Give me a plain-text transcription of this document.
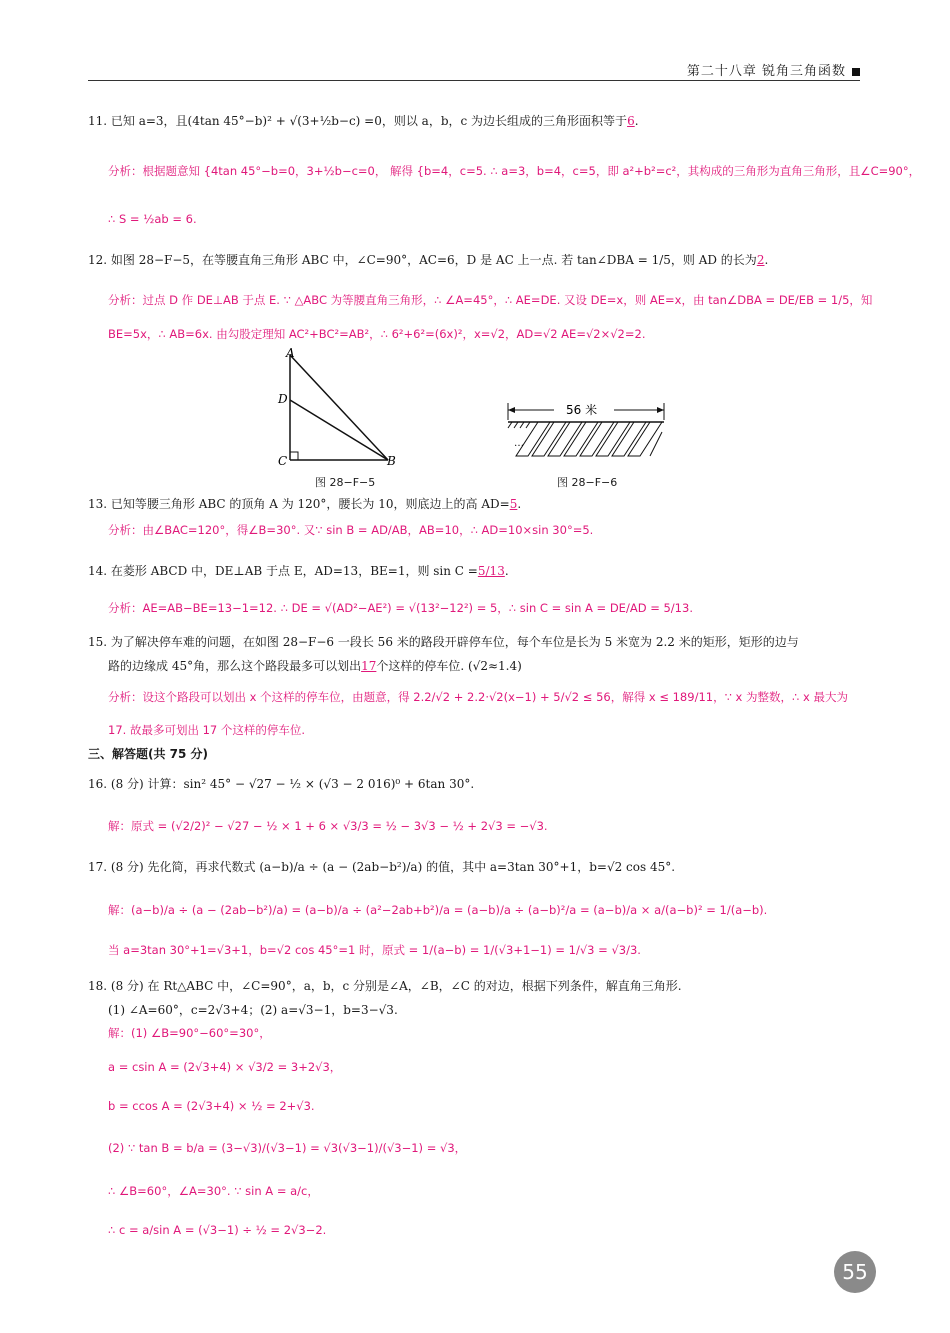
第二十八章 锐角三角函数
11. 已知 a=3，且(4tan 45°−b)² + √(3+½b−c) =0，则以 a，b，c 为边长组成的三角形面积等于6.
分析：根据题意知 {4tan 45°−b=0，3+½b−c=0， 解得 {b=4，c=5. ∴ a=3，b=4，c=5，即 a²+b²=c²，其构成的三角形为直角三角形，且∠C=90°，
∴ S = ½ab = 6.
12. 如图 28−F−5，在等腰直角三角形 ABC 中，∠C=90°，AC=6，D 是 AC 上一点. 若 tan∠DBA = 1/5，则 AD 的长为2.
分析：过点 D 作 DE⊥AB 于点 E. ∵ △ABC 为等腰直角三角形，∴ ∠A=45°，∴ AE=DE. 又设 DE=x，则 AE=x，由 tan∠DBA = DE/EB = 1/5，知
BE=5x，∴ AB=6x. 由勾股定理知 AC²+BC²=AB²，∴ 6²+6²=(6x)²，x=√2，AD=√2 AE=√2×√2=2.
A
D
C	B
图 28−F−5
56 米
…
图 28−F−6
13. 已知等腰三角形 ABC 的顶角 A 为 120°，腰长为 10，则底边上的高 AD=5.
分析：由∠BAC=120°，得∠B=30°. 又∵ sin B = AD/AB，AB=10，∴ AD=10×sin 30°=5.
14. 在菱形 ABCD 中，DE⊥AB 于点 E，AD=13，BE=1，则 sin C =5/13.
分析：AE=AB−BE=13−1=12. ∴ DE = √(AD²−AE²) = √(13²−12²) = 5，∴ sin C = sin A = DE/AD = 5/13.
15. 为了解决停车难的问题，在如图 28−F−6 一段长 56 米的路段开辟停车位，每个车位是长为 5 米宽为 2.2 米的矩形，矩形的边与
路的边缘成 45°角，那么这个路段最多可以划出17个这样的停车位. (√2≈1.4)
分析：设这个路段可以划出 x 个这样的停车位，由题意，得 2.2/√2 + 2.2·√2(x−1) + 5/√2 ≤ 56，解得 x ≤ 189/11，∵ x 为整数，∴ x 最大为
17. 故最多可划出 17 个这样的停车位.
三、解答题(共 75 分)
16. (8 分) 计算：sin² 45° − √27 − ½ × (√3 − 2 016)⁰ + 6tan 30°.
解：原式 = (√2/2)² − √27 − ½ × 1 + 6 × √3/3 = ½ − 3√3 − ½ + 2√3 = −√3.
17. (8 分) 先化简，再求代数式 (a−b)/a ÷ (a − (2ab−b²)/a) 的值，其中 a=3tan 30°+1，b=√2 cos 45°.
解：(a−b)/a ÷ (a − (2ab−b²)/a) = (a−b)/a ÷ (a²−2ab+b²)/a = (a−b)/a ÷ (a−b)²/a = (a−b)/a × a/(a−b)² = 1/(a−b).
当 a=3tan 30°+1=√3+1，b=√2 cos 45°=1 时，原式 = 1/(a−b) = 1/(√3+1−1) = 1/√3 = √3/3.
18. (8 分) 在 Rt△ABC 中，∠C=90°，a，b，c 分别是∠A，∠B，∠C 的对边，根据下列条件，解直角三角形.
(1) ∠A=60°，c=2√3+4；(2) a=√3−1，b=3−√3.
解：(1) ∠B=90°−60°=30°，
a = csin A = (2√3+4) × √3/2 = 3+2√3，
b = ccos A = (2√3+4) × ½ = 2+√3.
(2) ∵ tan B = b/a = (3−√3)/(√3−1) = √3(√3−1)/(√3−1) = √3，
∴ ∠B=60°，∠A=30°. ∵ sin A = a/c，
∴ c = a/sin A = (√3−1) ÷ ½ = 2√3−2.
55
